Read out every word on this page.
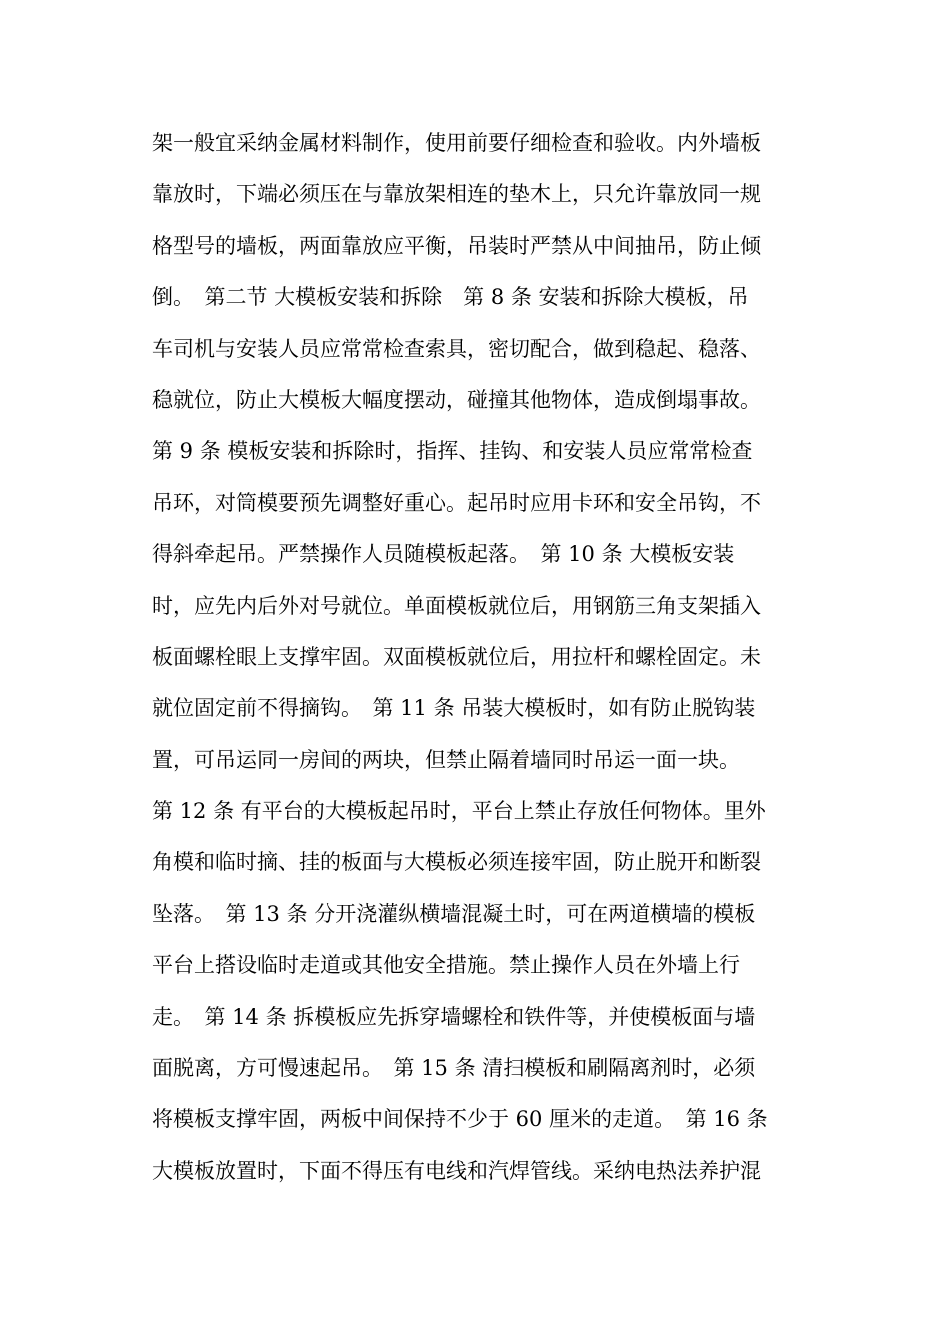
架一般宜采纳金属材料制作，使用前要仔细检查和验收。内外墙板
靠放时，下端必须压在与靠放架相连的垫木上，只允许靠放同一规
格型号的墙板，两面靠放应平衡，吊装时严禁从中间抽吊，防止倾
倒。　第二节 大模板安装和拆除　第 8 条 安装和拆除大模板，吊
车司机与安装人员应常常检查索具，密切配合，做到稳起、稳落、
稳就位，防止大模板大幅度摆动，碰撞其他物体，造成倒塌事故。
第 9 条 模板安装和拆除时，指挥、挂钩、和安装人员应常常检查
吊环，对筒模要预先调整好重心。起吊时应用卡环和安全吊钩，不
得斜牵起吊。严禁操作人员随模板起落。　第 10 条 大模板安装
时，应先内后外对号就位。单面模板就位后，用钢筋三角支架插入
板面螺栓眼上支撑牢固。双面模板就位后，用拉杆和螺栓固定。未
就位固定前不得摘钩。　第 11 条 吊装大模板时，如有防止脱钩装
置，可吊运同一房间的两块，但禁止隔着墙同时吊运一面一块。
第 12 条 有平台的大模板起吊时，平台上禁止存放任何物体。里外
角模和临时摘、挂的板面与大模板必须连接牢固，防止脱开和断裂
坠落。　第 13 条 分开浇灌纵横墙混凝土时，可在两道横墙的模板
平台上搭设临时走道或其他安全措施。禁止操作人员在外墙上行
走。　第 14 条 拆模板应先拆穿墙螺栓和铁件等，并使模板面与墙
面脱离，方可慢速起吊。　第 15 条 清扫模板和刷隔离剂时，必须
将模板支撑牢固，两板中间保持不少于 60 厘米的走道。　第 16 条
大模板放置时，下面不得压有电线和汽焊管线。采纳电热法养护混
